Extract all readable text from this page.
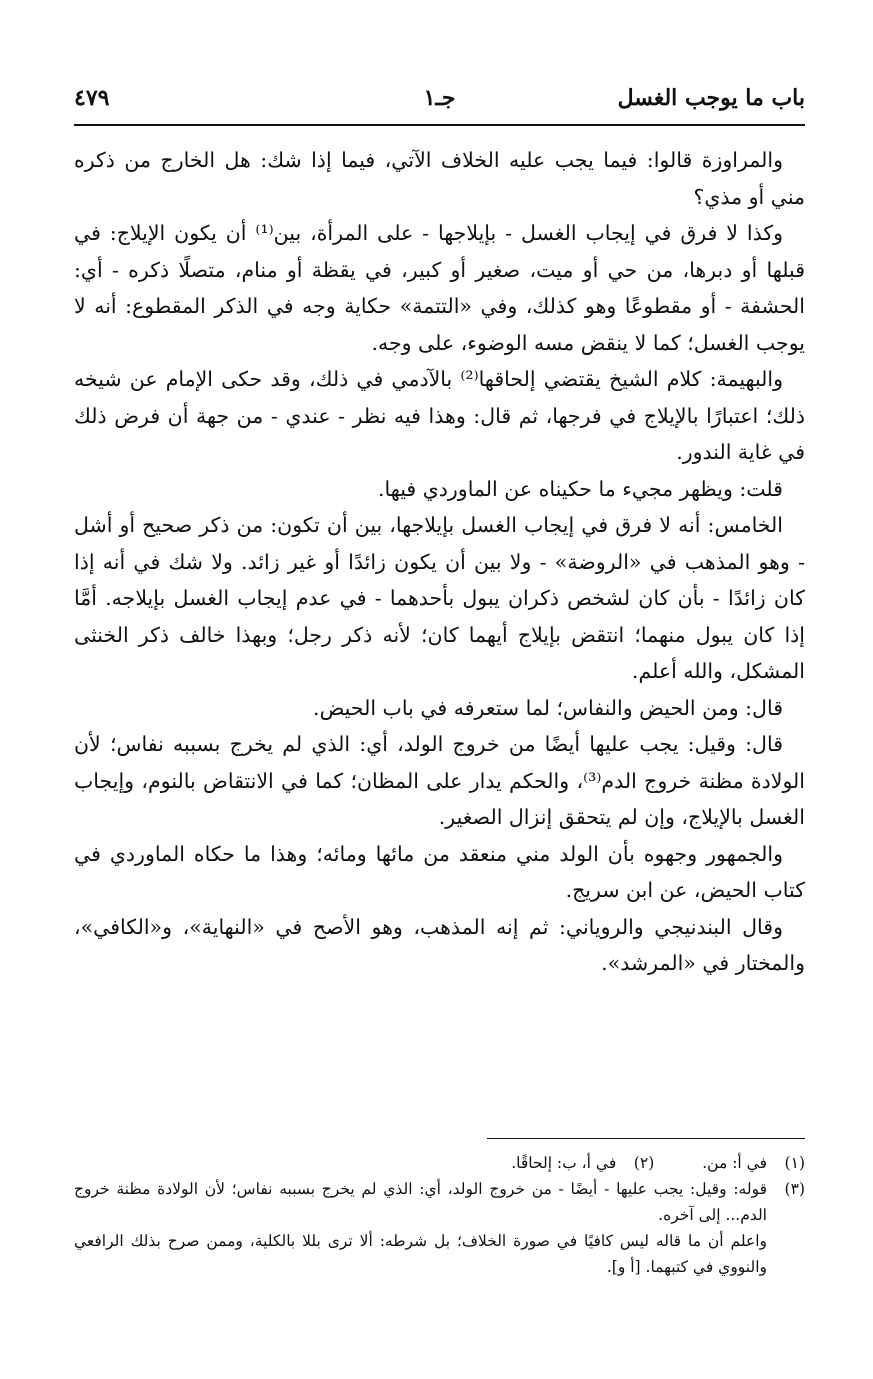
باب ما يوجب الغسل
جـ١
٤٧٩

والمراوزة قالوا: فيما يجب عليه الخلاف الآتي، فيما إذا شك: هل الخارج من ذكره مني أو مذي؟

وكذا لا فرق في إيجاب الغسل - بإيلاجها - على المرأة، بين⁽¹⁾ أن يكون الإيلاج: في قبلها أو دبرها، من حي أو ميت، صغير أو كبير، في يقظة أو منام، متصلًا ذكره - أي: الحشفة - أو مقطوعًا وهو كذلك، وفي «التتمة» حكاية وجه في الذكر المقطوع: أنه لا يوجب الغسل؛ كما لا ينقض مسه الوضوء، على وجه.

والبهيمة: كلام الشيخ يقتضي إلحاقها⁽²⁾ بالآدمي في ذلك، وقد حكى الإمام عن شيخه ذلك؛ اعتبارًا بالإيلاج في فرجها، ثم قال: وهذا فيه نظر - عندي - من جهة أن فرض ذلك في غاية الندور.

قلت: ويظهر مجيء ما حكيناه عن الماوردي فيها.

الخامس: أنه لا فرق في إيجاب الغسل بإيلاجها، بين أن تكون: من ذكر صحيح أو أشل - وهو المذهب في «الروضة» - ولا بين أن يكون زائدًا أو غير زائد. ولا شك في أنه إذا كان زائدًا - بأن كان لشخص ذكران يبول بأحدهما - في عدم إيجاب الغسل بإيلاجه. أمَّا إذا كان يبول منهما؛ انتقض بإيلاج أيهما كان؛ لأنه ذكر رجل؛ وبهذا خالف ذكر الخنثى المشكل، والله أعلم.

قال: ومن الحيض والنفاس؛ لما ستعرفه في باب الحيض.

قال: وقيل: يجب عليها أيضًا من خروج الولد، أي: الذي لم يخرج بسببه نفاس؛ لأن الولادة مظنة خروج الدم⁽³⁾، والحكم يدار على المظان؛ كما في الانتقاض بالنوم، وإيجاب الغسل بالإيلاج، وإن لم يتحقق إنزال الصغير.

والجمهور وجهوه بأن الولد مني منعقد من مائها ومائه؛ وهذا ما حكاه الماوردي في كتاب الحيض، عن ابن سريج.

وقال البندنيجي والروياني: ثم إنه المذهب، وهو الأصح في «النهاية»، و«الكافي»، والمختار في «المرشد».

(١)
في أ: من.
(٢)
في أ، ب: إلحاقًا.
(٣)
قوله: وقيل: يجب عليها - أيضًا - من خروج الولد، أي: الذي لم يخرج بسببه نفاس؛ لأن الولادة مظنة خروج الدم... إلى آخره.
واعلم أن ما قاله ليس كافيًا في صورة الخلاف؛ بل شرطه: ألا ترى بللا بالكلية، وممن صرح بذلك الرافعي والنووي في كتبهما. [أ و].
